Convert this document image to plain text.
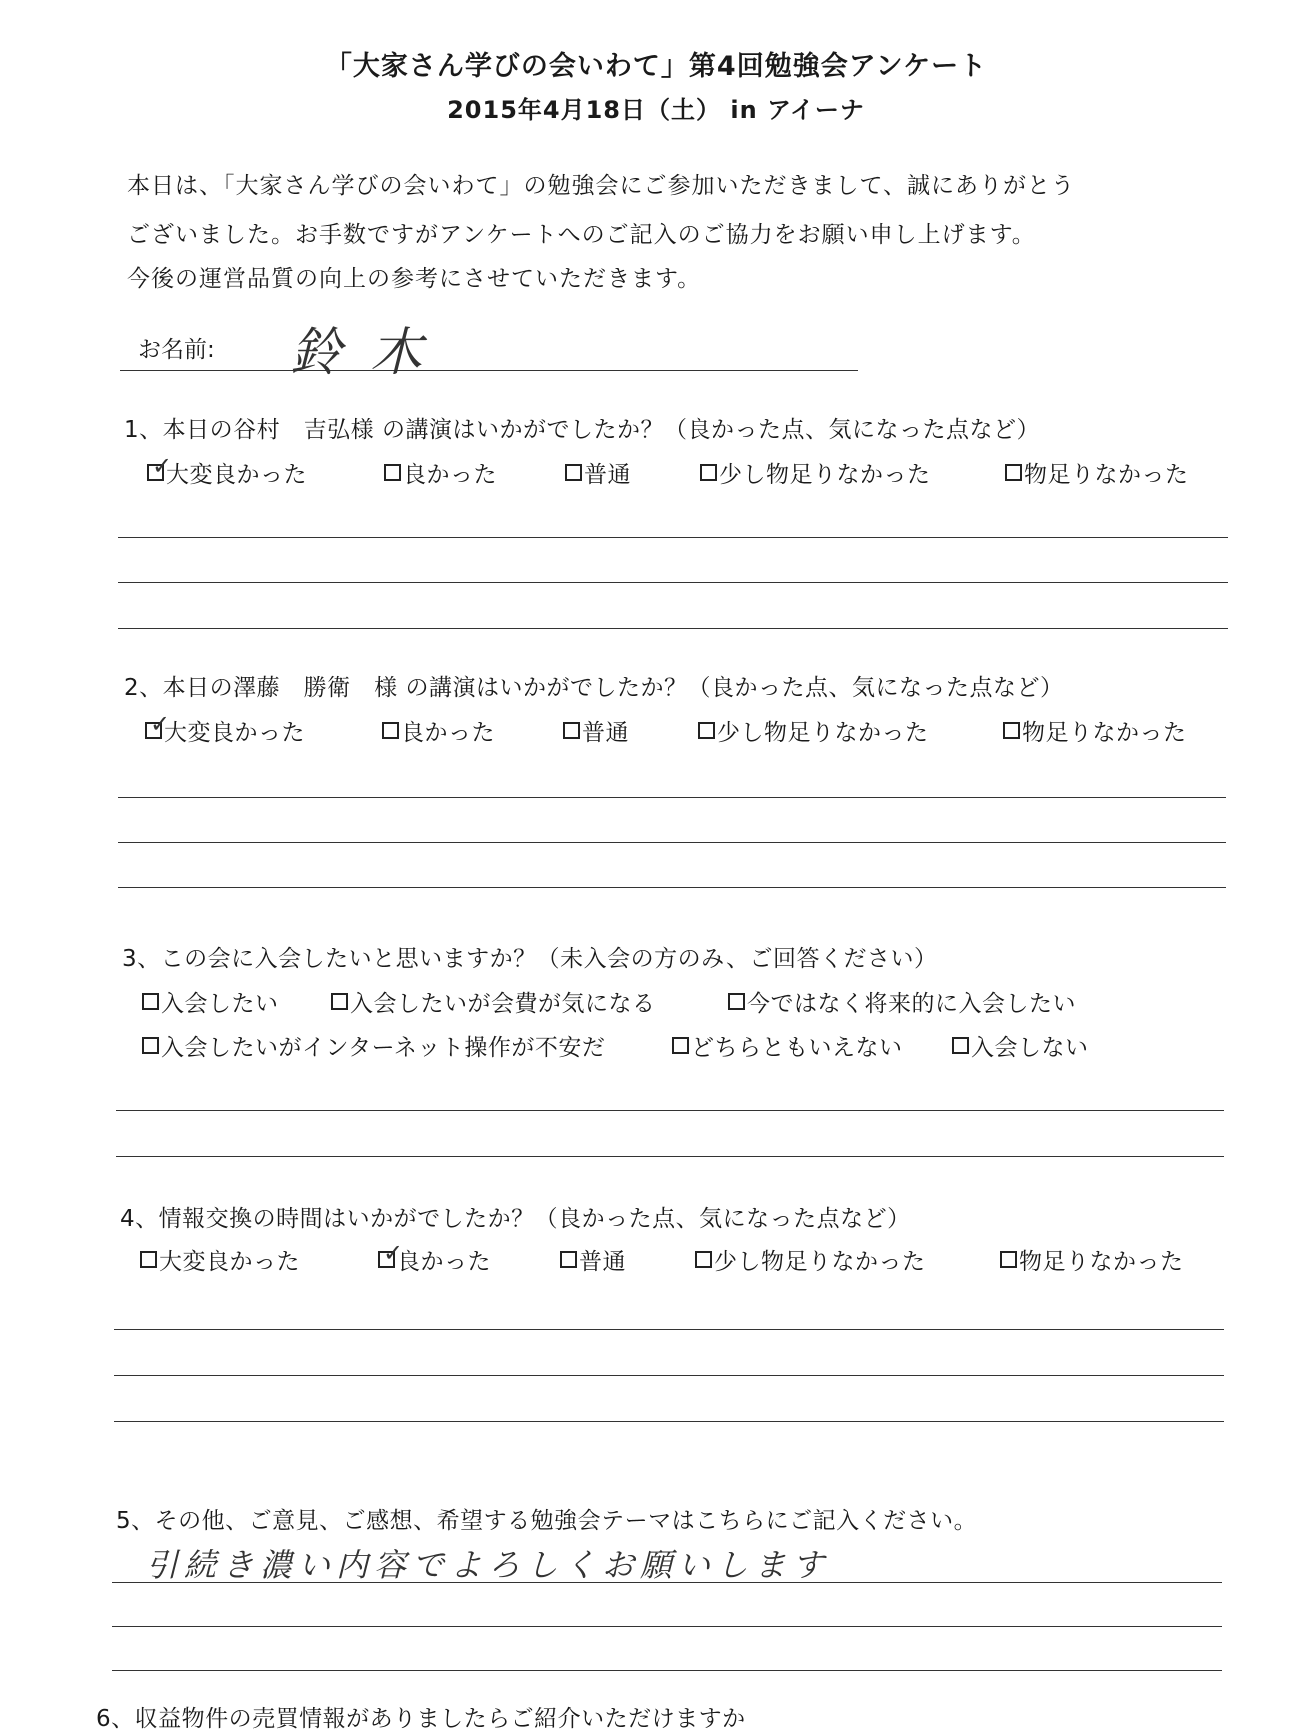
「大家さん学びの会いわて」第4回勉強会アンケート
2015年4月18日（土） in アイーナ
本日は、「大家さん学びの会いわて」の勉強会にご参加いただきまして、誠にありがとう
ございました。お手数ですがアンケートへのご記入のご協力をお願い申し上げます。
今後の運営品質の向上の参考にさせていただきます。
お名前: 鈴木
1、本日の谷村　吉弘様 の講演はいかがでしたか？（良かった点、気になった点など）
✓
大変良かった	良かった	普通	少し物足りなかった	物足りなかった
2、本日の澤藤　勝衛　様 の講演はいかがでしたか？（良かった点、気になった点など）
✓
大変良かった	良かった	普通	少し物足りなかった	物足りなかった
3、この会に入会したいと思いますか？（未入会の方のみ、ご回答ください）
入会したい	入会したいが会費が気になる	今ではなく将来的に入会したい
入会したいがインターネット操作が不安だ	どちらともいえない	入会しない
4、情報交換の時間はいかがでしたか？（良かった点、気になった点など）
大変良かった	✓
良かった	普通	少し物足りなかった	物足りなかった
5、その他、ご意見、ご感想、希望する勉強会テーマはこちらにご記入ください。
引続き濃い内容でよろしくお願いします
6、収益物件の売買情報がありましたらご紹介いただけますか
